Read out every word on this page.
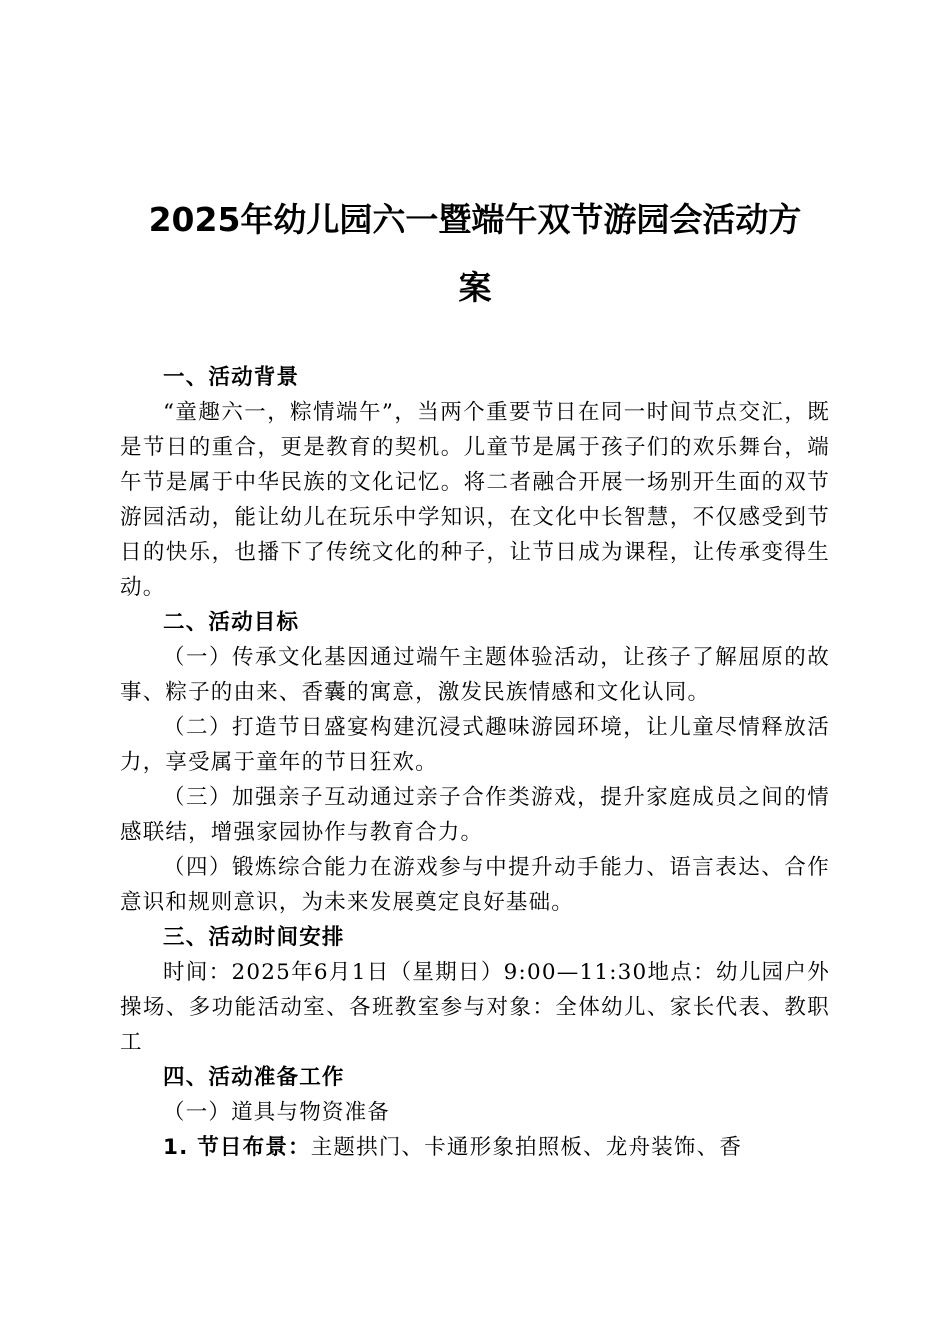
2025年幼儿园六一暨端午双节游园会活动方
案

一、活动背景

“童趣六一，粽情端午”，当两个重要节日在同一时间节点交汇，既是节日的重合，更是教育的契机。儿童节是属于孩子们的欢乐舞台，端午节是属于中华民族的文化记忆。将二者融合开展一场别开生面的双节游园活动，能让幼儿在玩乐中学知识，在文化中长智慧，不仅感受到节日的快乐，也播下了传统文化的种子，让节日成为课程，让传承变得生动。

二、活动目标

（一）传承文化基因通过端午主题体验活动，让孩子了解屈原的故事、粽子的由来、香囊的寓意，激发民族情感和文化认同。

（二）打造节日盛宴构建沉浸式趣味游园环境，让儿童尽情释放活力，享受属于童年的节日狂欢。

（三）加强亲子互动通过亲子合作类游戏，提升家庭成员之间的情感联结，增强家园协作与教育合力。

（四）锻炼综合能力在游戏参与中提升动手能力、语言表达、合作意识和规则意识，为未来发展奠定良好基础。

三、活动时间安排

时间：2025年6月1日（星期日）9:00—11:30地点：幼儿园户外操场、多功能活动室、各班教室参与对象：全体幼儿、家长代表、教职工

四、活动准备工作

（一）道具与物资准备

1. 节日布景：主题拱门、卡通形象拍照板、龙舟装饰、香
